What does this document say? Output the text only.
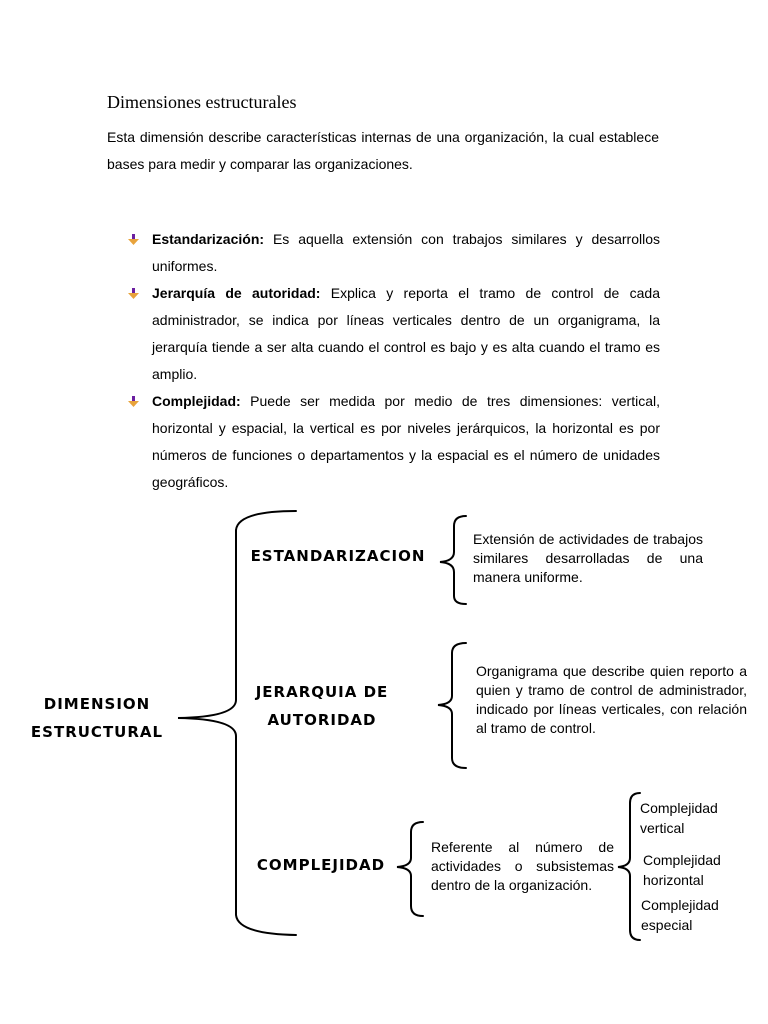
Dimensiones estructurales
Esta dimensión describe características internas de una organización, la cual establece bases para medir y comparar las organizaciones.
Estandarización: Es aquella extensión con trabajos similares y desarrollos uniformes.
Jerarquía de autoridad: Explica y reporta el tramo de control de cada administrador, se indica por líneas verticales dentro de un organigrama, la jerarquía tiende a ser alta cuando el control es bajo y es alta cuando el tramo es amplio.
Complejidad: Puede ser medida por medio de tres dimensiones: vertical, horizontal y espacial, la vertical es por niveles jerárquicos, la horizontal es por números de funciones o departamentos y la espacial es el número de unidades geográficos.
DIMENSION
ESTRUCTURAL
ESTANDARIZACION
JERARQUIA DE
AUTORIDAD
COMPLEJIDAD
Extensión de actividades de trabajos similares desarrolladas de una manera uniforme.
Organigrama que describe quien reporto a quien y tramo de control de administrador, indicado por líneas verticales, con relación al tramo de control.
Referente al número de actividades o subsistemas dentro de la organización.
Complejidad
vertical
Complejidad
horizontal
Complejidad
especial
